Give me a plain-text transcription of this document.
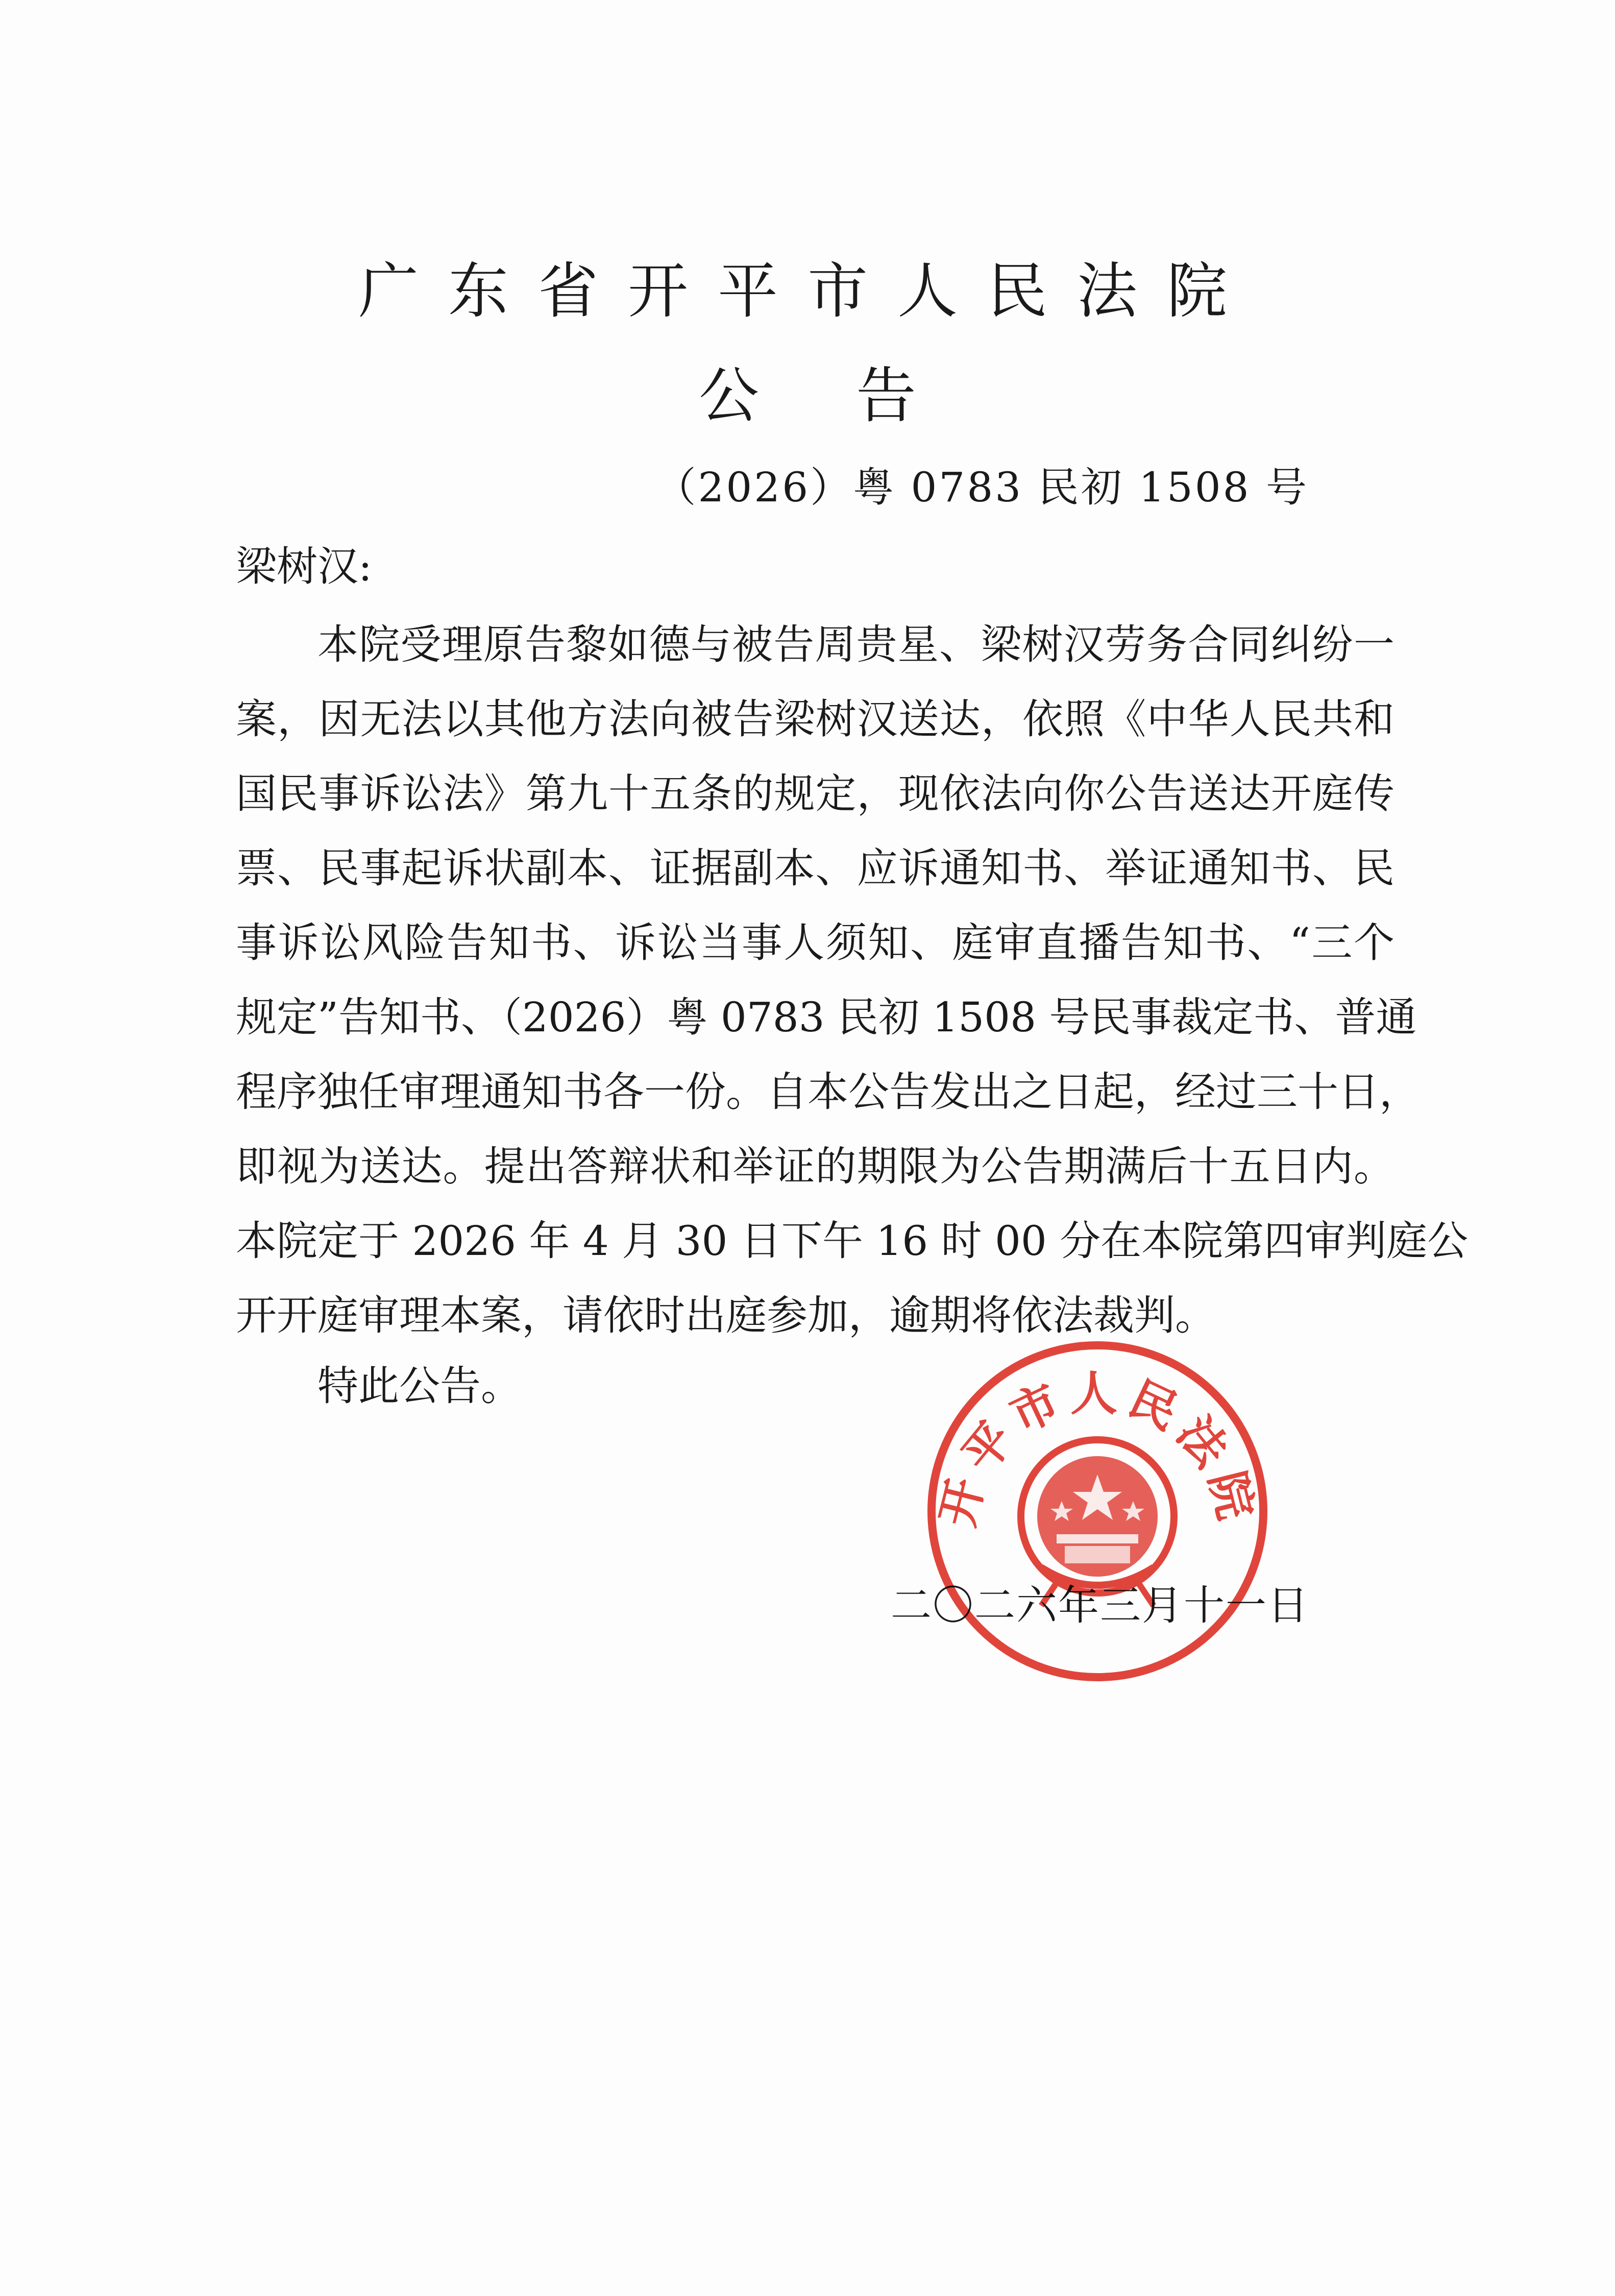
广东省开平市人民法院
公告
（2026）粤 0783 民初 1508 号
梁树汉:
本院受理原告黎如德与被告周贵星、梁树汉劳务合同纠纷一
案，因无法以其他方法向被告梁树汉送达，依照《中华人民共和
国民事诉讼法》第九十五条的规定，现依法向你公告送达开庭传
票、民事起诉状副本、证据副本、应诉通知书、举证通知书、民
事诉讼风险告知书、诉讼当事人须知、庭审直播告知书、“三个
规定”告知书、（2026）粤 0783 民初 1508 号民事裁定书、普通
程序独任审理通知书各一份。自本公告发出之日起，经过三十日，
即视为送达。提出答辩状和举证的期限为公告期满后十五日内。
本院定于 2026 年 4 月 30 日下午 16 时 00 分在本院第四审判庭公
开开庭审理本案，请依时出庭参加，逾期将依法裁判。
特此公告。
二〇二六年三月十一日
开平市人民法院
